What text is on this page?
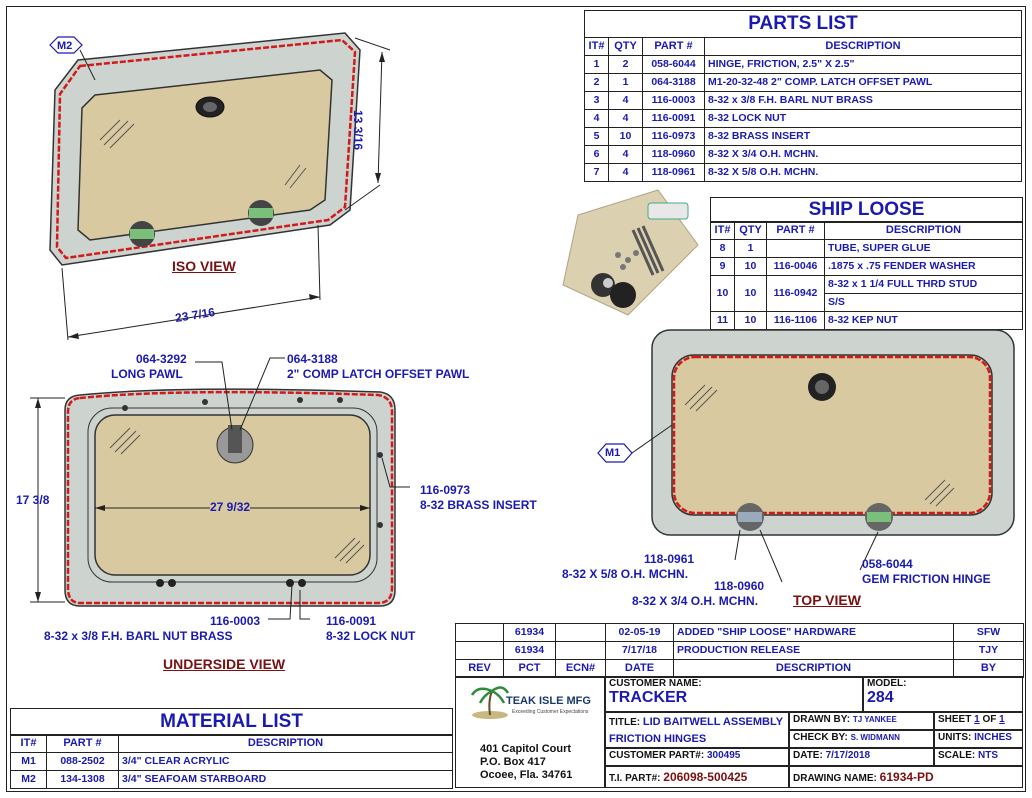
M2
13 3/16
23 7/16
ISO VIEW
PARTS LIST
IT#	QTY	PART #	DESCRIPTION
1	2	058-6044	HINGE, FRICTION, 2.5" X 2.5"
2	1	064-3188	M1-20-32-48 2" COMP. LATCH OFFSET PAWL
3	4	116-0003	8-32 x 3/8 F.H. BARL NUT BRASS
4	4	116-0091	8-32 LOCK NUT
5	10	116-0973	8-32 BRASS INSERT
6	4	118-0960	8-32 X 3/4 O.H. MCHN.
7	4	118-0961	8-32 X 5/8 O.H. MCHN.
SHIP LOOSE
IT#	QTY	PART #	DESCRIPTION
8	1		TUBE, SUPER GLUE
9	10	116-0046	.1875 x .75 FENDER WASHER
10	10	116-0942	8-32 x 1 1/4 FULL THRD STUD
			S/S
11	10	116-1106	8-32 KEP NUT
17 3/8	27 9/32
UNDERSIDE VIEW
064-3292
LONG PAWL
064-3188
2" COMP LATCH OFFSET PAWL
116-0973
8-32 BRASS INSERT
116-0003
8-32 x 3/8 F.H. BARL NUT BRASS
116-0091
8-32 LOCK NUT
M1
118-0961
8-32 X 5/8 O.H. MCHN.
118-0960
8-32 X 3/4 O.H. MCHN.
058-6044
GEM FRICTION HINGE
TOP VIEW
	61934		02-05-19	ADDED "SHIP LOOSE" HARDWARE	SFW
	61934		7/17/18	PRODUCTION RELEASE	TJY
REV	PCT	ECN#	DATE	DESCRIPTION	BY
MATERIAL LIST
IT#	PART #	DESCRIPTION
M1	088-2502	3/4" CLEAR ACRYLIC
M2	134-1308	3/4" SEAFOAM STARBOARD
TEAK ISLE MFG
Exceeding Customer Expectations
401 Capitol Court
P.O. Box 417
Ocoee, Fla. 34761
CUSTOMER NAME:
TRACKER
MODEL:
284
TITLE: LID BAITWELL ASSEMBLY
FRICTION HINGES
DRAWN BY: TJ YANKEE	SHEET 1 OF 1
CHECK BY: S. WIDMANN	UNITS: INCHES
CUSTOMER PART#: 300495	DATE: 7/17/2018	SCALE: NTS
T.I. PART#: 206098-500425	DRAWING NAME: 61934-PD
